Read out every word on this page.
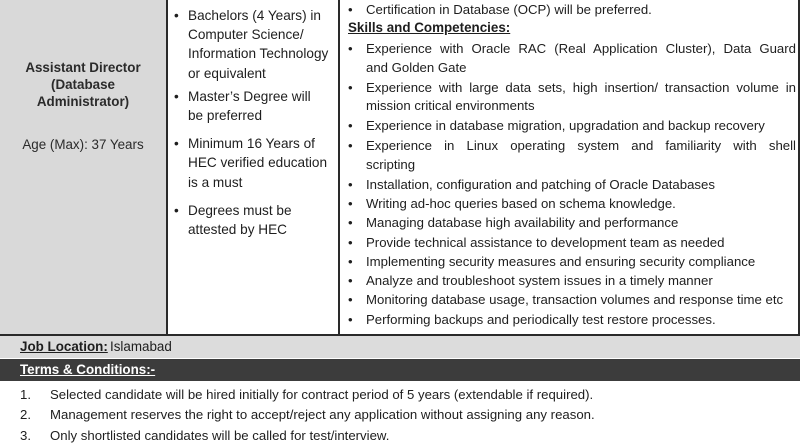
Assistant Director
(Database
Administrator)
Age (Max): 37 Years
• Bachelors (4 Years) in
Computer Science/
Information Technology
or equivalent
• Master’s Degree will
be preferred
• Minimum 16 Years of
HEC verified education
is a must
• Degrees must be
attested by HEC
• Certification in Database (OCP) will be preferred.
Skills and Competencies:
• Experience with Oracle RAC (Real Application Cluster), Data Guard
and Golden Gate
• Experience with large data sets, high insertion/ transaction volume in
mission critical environments
• Experience in database migration, upgradation and backup recovery
• Experience in Linux operating system and familiarity with shell
scripting
• Installation, configuration and patching of Oracle Databases
• Writing ad-hoc queries based on schema knowledge.
• Managing database high availability and performance
• Provide technical assistance to development team as needed
• Implementing security measures and ensuring security compliance
• Analyze and troubleshoot system issues in a timely manner
• Monitoring database usage, transaction volumes and response time etc
• Performing backups and periodically test restore processes.
Job Location: Islamabad
Terms & Conditions:-
1. Selected candidate will be hired initially for contract period of 5 years (extendable if required).
2. Management reserves the right to accept/reject any application without assigning any reason.
3. Only shortlisted candidates will be called for test/interview.
